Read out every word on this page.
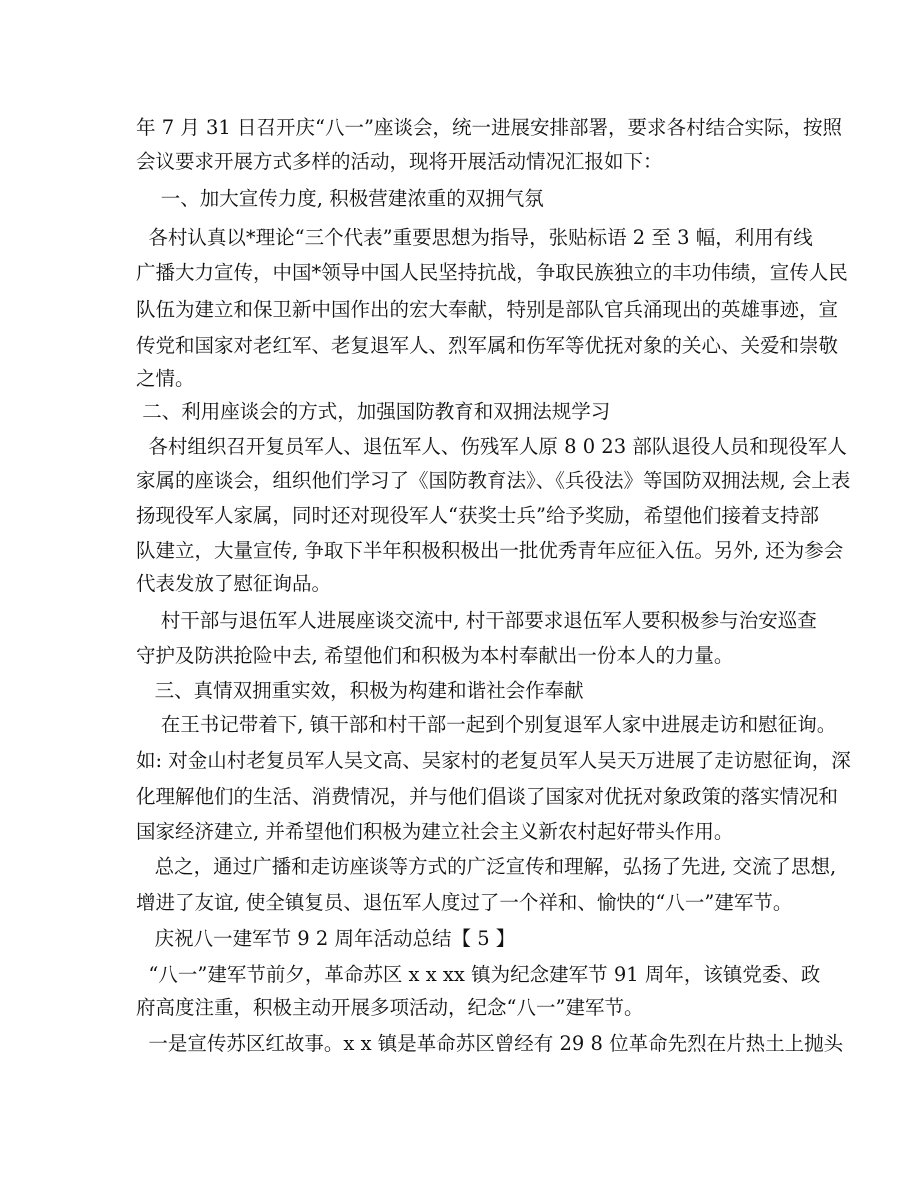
年 7 月 31 日召开庆“八一”座谈会，统一进展安排部署，要求各村结合实际，按照
会议要求开展方式多样的活动，现将开展活动情况汇报如下：
一、加大宣传力度, 积极营建浓重的双拥气氛
各村认真以*理论“三个代表”重要思想为指导，张贴标语 2 至 3 幅，利用有线
广播大力宣传，中国*领导中国人民坚持抗战，争取民族独立的丰功伟绩，宣传人民
队伍为建立和保卫新中国作出的宏大奉献，特别是部队官兵涌现出的英雄事迹，宣
传党和国家对老红军、老复退军人、烈军属和伤军等优抚对象的关心、关爱和崇敬
之情。
二、利用座谈会的方式，加强国防教育和双拥法规学习
各村组织召开复员军人、退伍军人、伤残军人原 8 0 23 部队退役人员和现役军人
家属的座谈会，组织他们学习了《国防教育法》、《兵役法》等国防双拥法规, 会上表
扬现役军人家属，同时还对现役军人“获奖士兵”给予奖励，希望他们接着支持部
队建立，大量宣传, 争取下半年积极积极出一批优秀青年应征入伍。另外, 还为参会
代表发放了慰征询品。
村干部与退伍军人进展座谈交流中, 村干部要求退伍军人要积极参与治安巡查
守护及防洪抢险中去, 希望他们和积极为本村奉献出一份本人的力量。
三、真情双拥重实效，积极为构建和谐社会作奉献
在王书记带着下, 镇干部和村干部一起到个别复退军人家中进展走访和慰征询。
如: 对金山村老复员军人吴文高、吴家村的老复员军人吴天万进展了走访慰征询，深
化理解他们的生活、消费情况，并与他们倡谈了国家对优抚对象政策的落实情况和
国家经济建立, 并希望他们积极为建立社会主义新农村起好带头作用。
总之，通过广播和走访座谈等方式的广泛宣传和理解，弘扬了先进, 交流了思想,
增进了友谊, 使全镇复员、退伍军人度过了一个祥和、愉快的“八一”建军节。
庆祝八一建军节 9 2 周年活动总结【 5 】
“八一”建军节前夕，革命苏区 x x xx 镇为纪念建军节 91 周年，该镇党委、政
府高度注重，积极主动开展多项活动，纪念“八一”建军节。
一是宣传苏区红故事。x x 镇是革命苏区曾经有 29 8 位革命先烈在片热土上抛头
